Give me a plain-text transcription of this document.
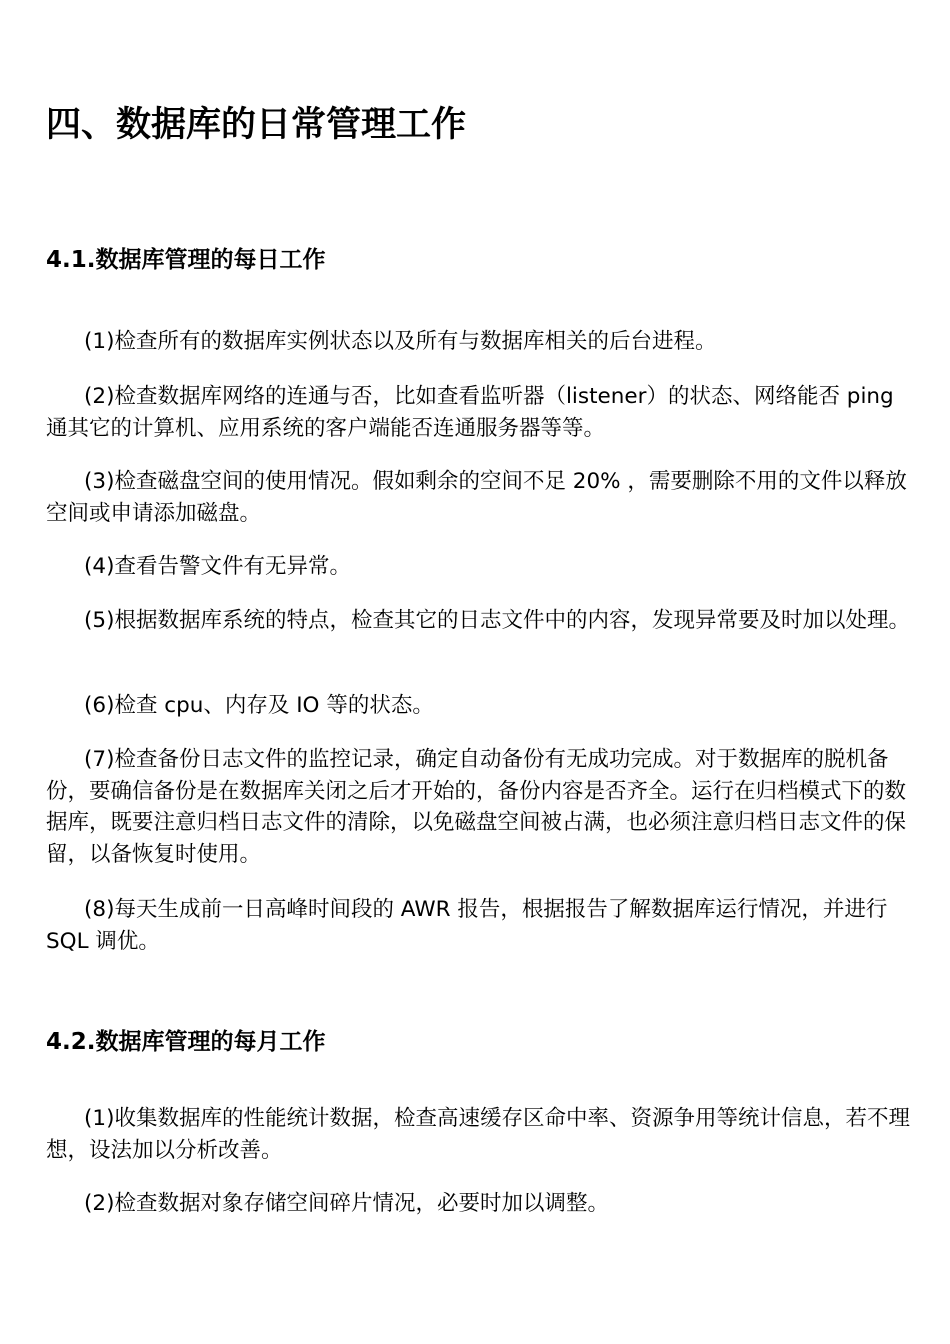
四、数据库的日常管理工作
4.1.数据库管理的每日工作

(1)检查所有的数据库实例状态以及所有与数据库相关的后台进程。

(2)检查数据库网络的连通与否，比如查看监听器（listener）的状态、网络能否 ping 通其它的计算机、应用系统的客户端能否连通服务器等等。

(3)检查磁盘空间的使用情况。假如剩余的空间不足 20% ，需要删除不用的文件以释放空间或申请添加磁盘。

(4)查看告警文件有无异常。

(5)根据数据库系统的特点，检查其它的日志文件中的内容，发现异常要及时加以处理。

(6)检查 cpu、内存及 IO 等的状态。

(7)检查备份日志文件的监控记录，确定自动备份有无成功完成。对于数据库的脱机备份，要确信备份是在数据库关闭之后才开始的，备份内容是否齐全。运行在归档模式下的数据库，既要注意归档日志文件的清除，以免磁盘空间被占满，也必须注意归档日志文件的保留，以备恢复时使用。

(8)每天生成前一日高峰时间段的 AWR 报告，根据报告了解数据库运行情况，并进行 SQL 调优。

4.2.数据库管理的每月工作

(1)收集数据库的性能统计数据，检查高速缓存区命中率、资源争用等统计信息，若不理想，设法加以分析改善。

(2)检查数据对象存储空间碎片情况，必要时加以调整。
